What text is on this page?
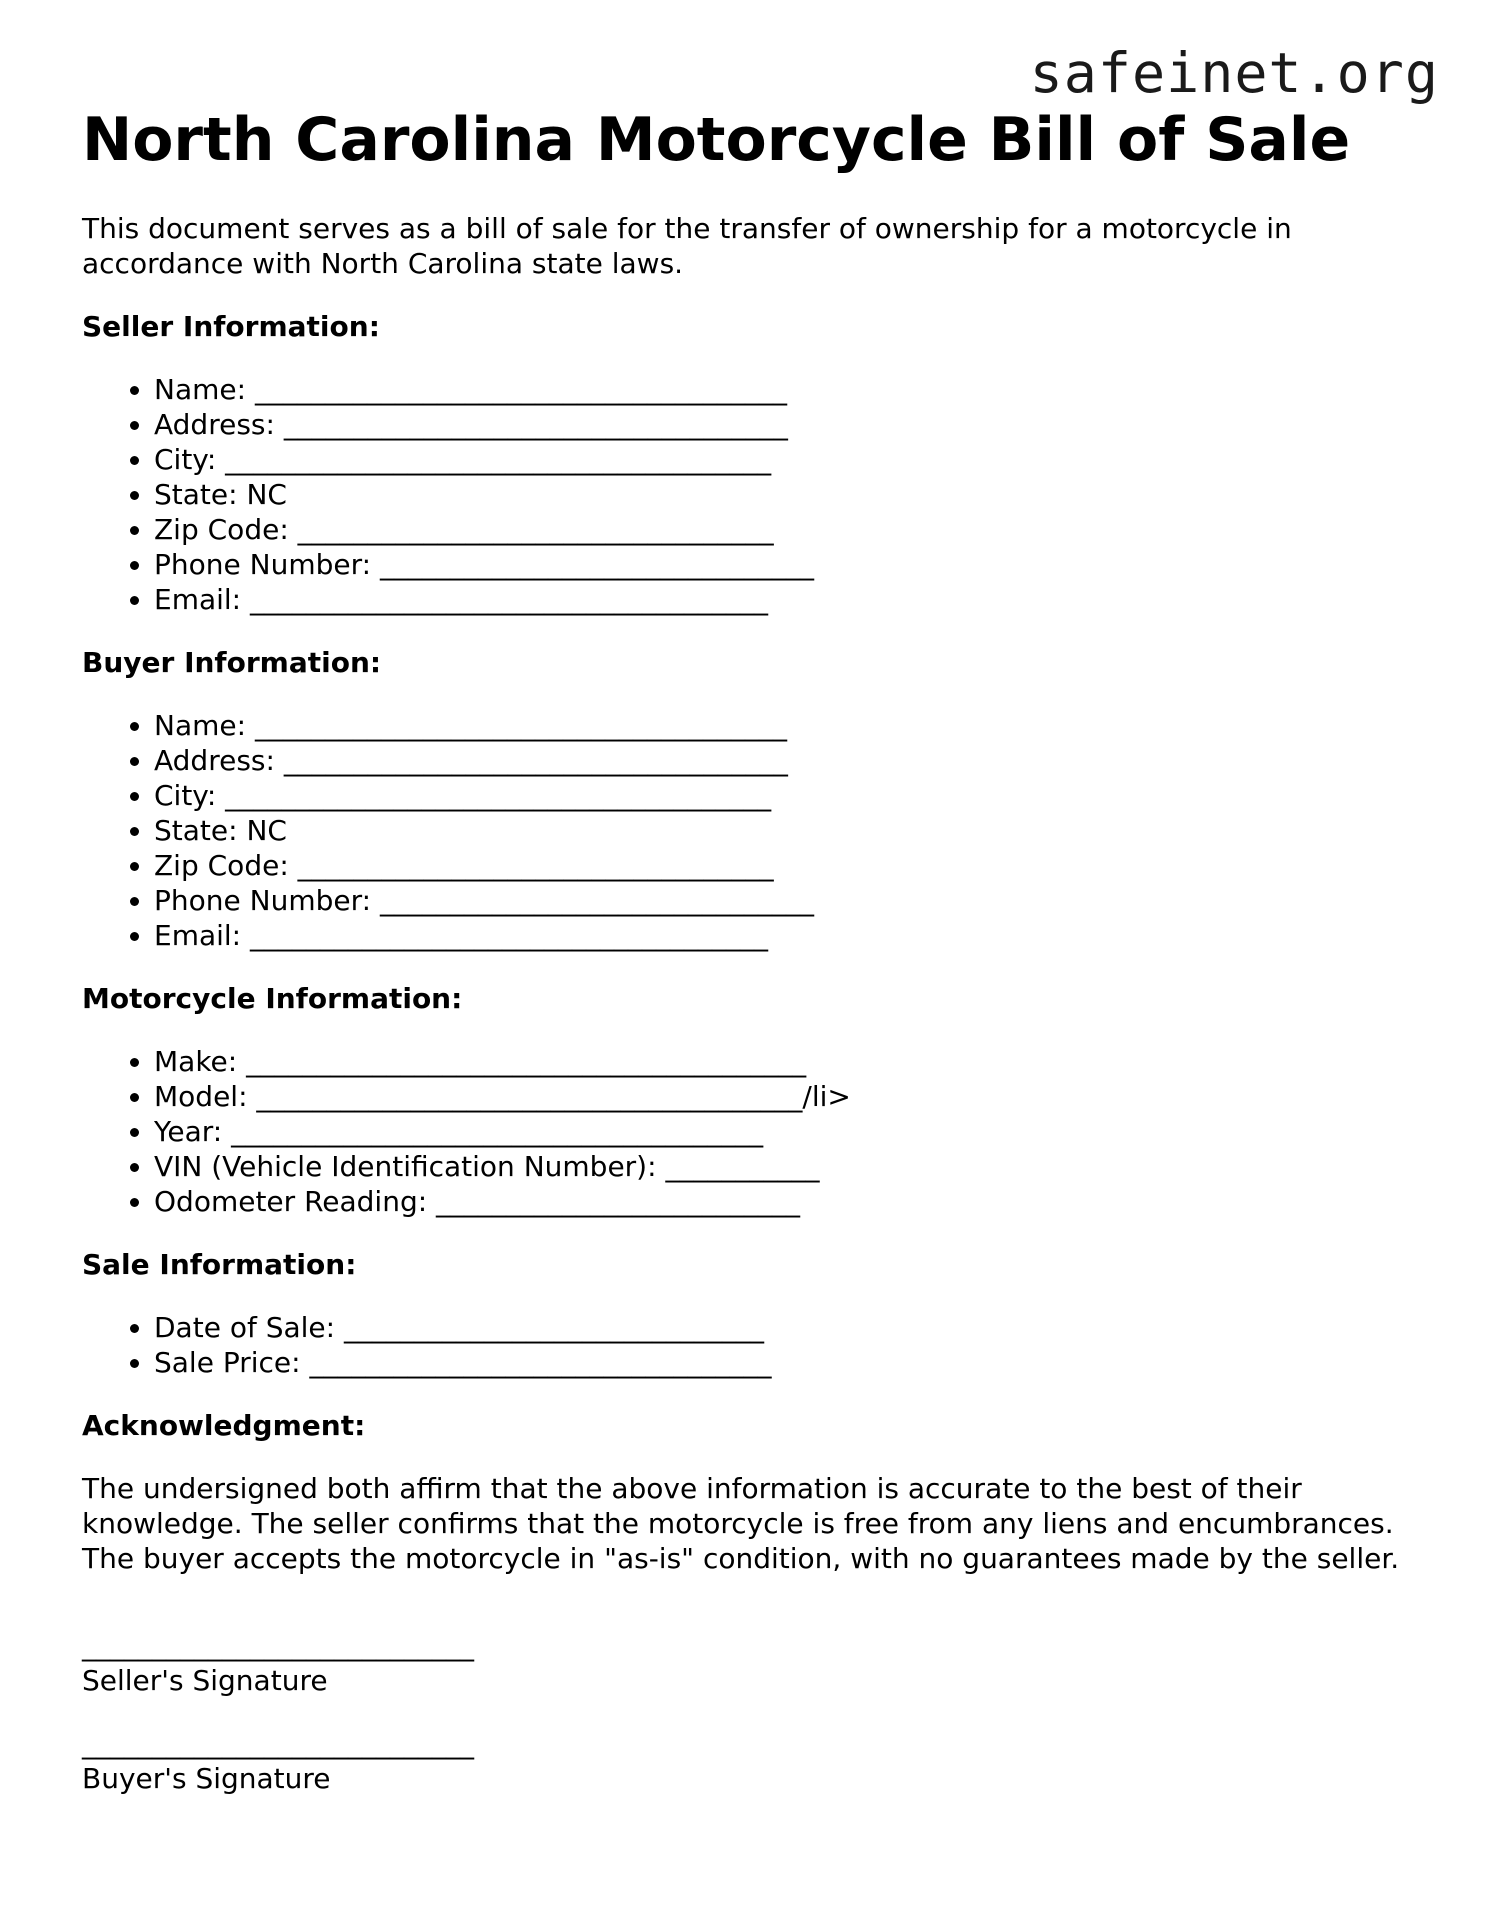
safeinet.org
North Carolina Motorcycle Bill of Sale

This document serves as a bill of sale for the transfer of ownership for a motorcycle in accordance with North Carolina state laws.

Seller Information:
• Name: ______________________________________
• Address: ____________________________________
• City: _______________________________________
• State: NC
• Zip Code: __________________________________
• Phone Number: _______________________________
• Email: _____________________________________
Buyer Information:
• Name: ______________________________________
• Address: ____________________________________
• City: _______________________________________
• State: NC
• Zip Code: __________________________________
• Phone Number: _______________________________
• Email: _____________________________________
Motorcycle Information:
• Make: ________________________________________
• Model: _______________________________________/li>
• Year: ______________________________________
• VIN (Vehicle Identification Number): ___________
• Odometer Reading: __________________________
Sale Information:
• Date of Sale: ______________________________
• Sale Price: _________________________________
Acknowledgment:

The undersigned both affirm that the above information is accurate to the best of their knowledge. The seller confirms that the motorcycle is free from any liens and encumbrances. The buyer accepts the motorcycle in "as-is" condition, with no guarantees made by the seller.

____________________________
Seller's Signature
____________________________
Buyer's Signature
